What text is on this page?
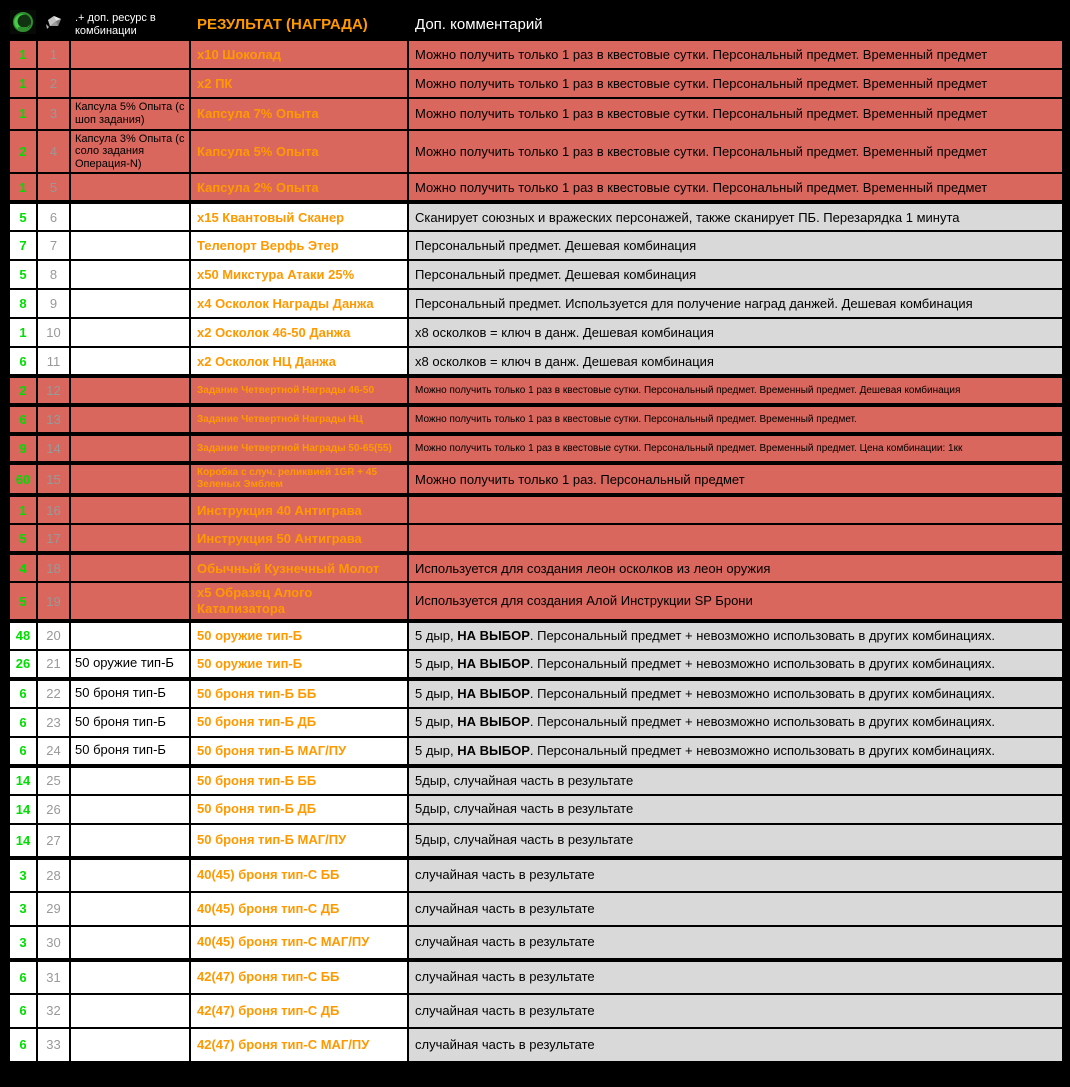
		.+ доп. ресурс в комбинации	РЕЗУЛЬТАТ (НАГРАДА)	Доп. комментарий
1	1		х10 Шоколад	Можно получить только 1 раз в квестовые сутки. Персональный предмет. Временный предмет
1	2		х2 ПК	Можно получить только 1 раз в квестовые сутки. Персональный предмет. Временный предмет
1	3	Капсула 5% Опыта (с шоп задания)	Капсула 7% Опыта	Можно получить только 1 раз в квестовые сутки. Персональный предмет. Временный предмет
2	4	Капсула 3% Опыта (с соло задания Операция-N)	Капсула 5% Опыта	Можно получить только 1 раз в квестовые сутки. Персональный предмет. Временный предмет
1	5		Капсула 2% Опыта	Можно получить только 1 раз в квестовые сутки. Персональный предмет. Временный предмет
5	6		х15 Квантовый Сканер	Сканирует союзных и вражеских персонажей, также сканирует ПБ. Перезарядка 1 минута
7	7		Телепорт Верфь Этер	Персональный предмет. Дешевая комбинация
5	8		х50 Микстура Атаки 25%	Персональный предмет. Дешевая комбинация
8	9		х4 Осколок Награды Данжа	Персональный предмет. Используется для получение наград данжей. Дешевая комбинация
1	10		х2 Осколок 46-50 Данжа	х8 осколков = ключ в данж. Дешевая комбинация
6	11		х2 Осколок НЦ Данжа	х8 осколков = ключ в данж. Дешевая комбинация
2	12		Задание Четвертной Награды 46-50	Можно получить только 1 раз в квестовые сутки. Персональный предмет. Временный предмет. Дешевая комбинация
6	13		Задание Четвертной Награды НЦ	Можно получить только 1 раз в квестовые сутки. Персональный предмет. Временный предмет.
9	14		Задание Четвертной Награды 50-65(55)	Можно получить только 1 раз в квестовые сутки. Персональный предмет. Временный предмет. Цена комбинации: 1кк
60	15		Коробка с случ. реликвией 1GR + 45 Зеленых Эмблем	Можно получить только 1 раз. Персональный предмет
1	16		Инструкция 40 Антиграва	
5	17		Инструкция 50 Антиграва	
4	18		Обычный Кузнечный Молот	Используется для создания леон осколков из леон оружия
5	19		х5 Образец Алого Катализатора	Используется для создания Алой Инструкции SP Брони
48	20		50 оружие тип-Б	5 дыр, НА ВЫБОР. Персональный предмет + невозможно использовать в других комбинациях.
26	21	50 оружие тип-Б	50 оружие тип-Б	5 дыр, НА ВЫБОР. Персональный предмет + невозможно использовать в других комбинациях.
6	22	50 броня тип-Б	50 броня тип-Б ББ	5 дыр, НА ВЫБОР. Персональный предмет + невозможно использовать в других комбинациях.
6	23	50 броня тип-Б	50 броня тип-Б ДБ	5 дыр, НА ВЫБОР. Персональный предмет + невозможно использовать в других комбинациях.
6	24	50 броня тип-Б	50 броня тип-Б МАГ/ПУ	5 дыр, НА ВЫБОР. Персональный предмет + невозможно использовать в других комбинациях.
14	25		50 броня тип-Б ББ	5дыр, случайная часть в результате
14	26		50 броня тип-Б ДБ	5дыр, случайная часть в результате
14	27		50 броня тип-Б МАГ/ПУ	5дыр, случайная часть в результате
3	28		40(45) броня тип-С ББ	случайная часть в результате
3	29		40(45) броня тип-С ДБ	случайная часть в результате
3	30		40(45) броня тип-С МАГ/ПУ	случайная часть в результате
6	31		42(47) броня тип-С ББ	случайная часть в результате
6	32		42(47) броня тип-С ДБ	случайная часть в результате
6	33		42(47) броня тип-С МАГ/ПУ	случайная часть в результате
